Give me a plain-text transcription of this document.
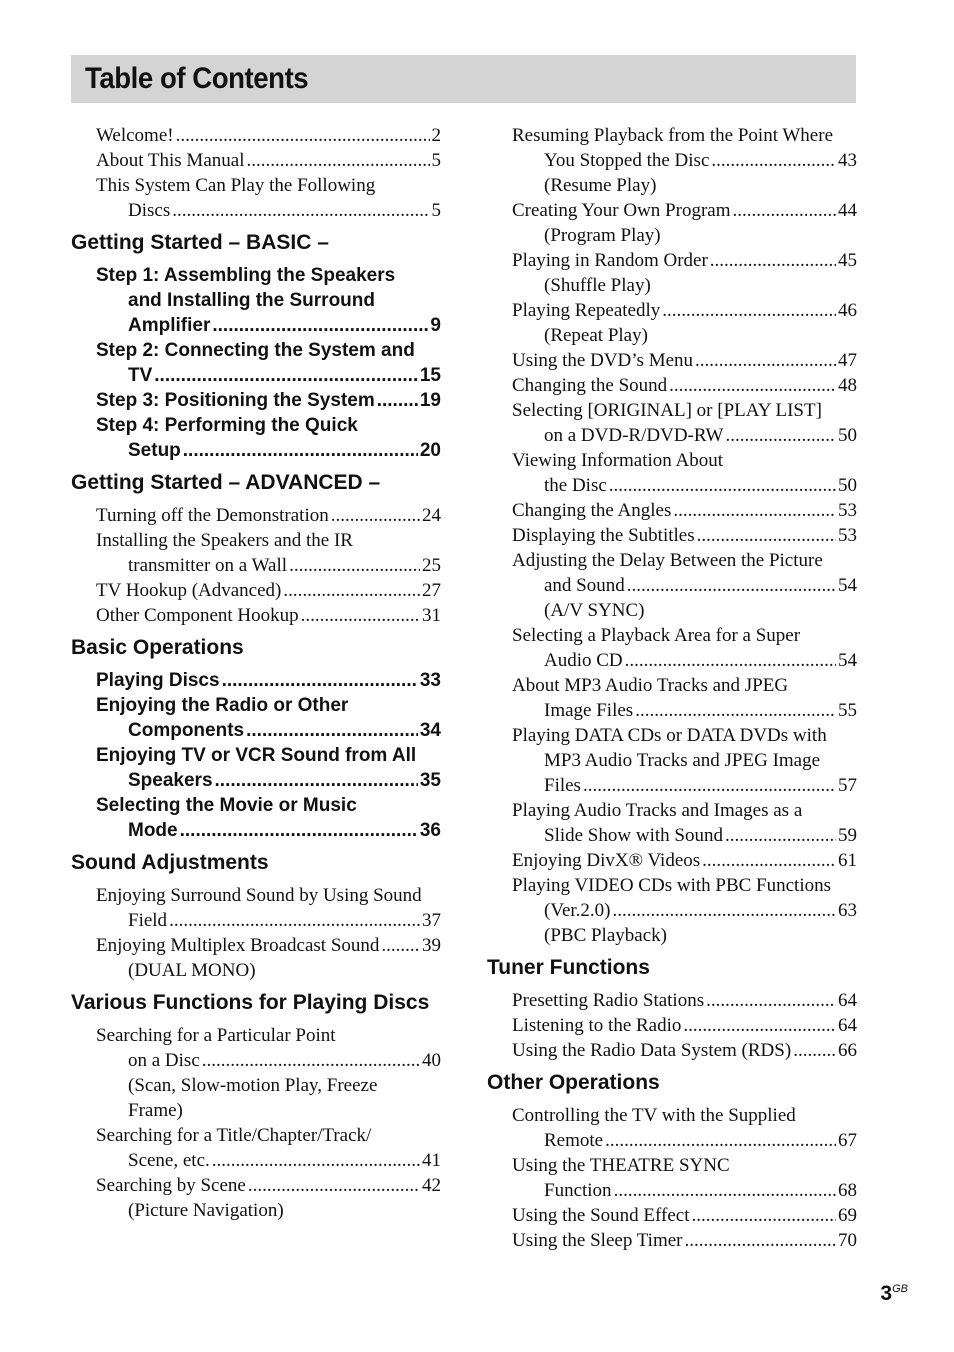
Table of Contents
Welcome! .....	2
About This Manual .....	5
This System Can Play the Following
Discs .....	5
Getting Started – BASIC –
Step 1: Assembling the Speakers
and Installing the Surround
Amplifier .....	9
Step 2: Connecting the System and
TV .....	15
Step 3: Positioning the System ..... 19
Step 4: Performing the Quick
Setup .....	20
Getting Started – ADVANCED –
Turning off the Demonstration .....	24
Installing the Speakers and the IR
transmitter on a Wall .....	25
TV Hookup (Advanced) .....	27
Other Component Hookup .....	31
Basic Operations
Playing Discs .....	33
Enjoying the Radio or Other
Components .....	34
Enjoying TV or VCR Sound from All
Speakers .....	35
Selecting the Movie or Music
Mode .....	36
Sound Adjustments
Enjoying Surround Sound by Using Sound
Field .....	37
Enjoying Multiplex Broadcast Sound ..... 39
(DUAL MONO)
Various Functions for Playing Discs
Searching for a Particular Point
on a Disc .....	40
(Scan, Slow-motion Play, Freeze
Frame)
Searching for a Title/Chapter/Track/
Scene, etc. .....	41
Searching by Scene .....	42
(Picture Navigation)
Resuming Playback from the Point Where
You Stopped the Disc .....	43
(Resume Play)
Creating Your Own Program .....	44
(Program Play)
Playing in Random Order .....	45
(Shuffle Play)
Playing Repeatedly .....	46
(Repeat Play)
Using the DVD’s Menu .....	47
Changing the Sound .....	48
Selecting [ORIGINAL] or [PLAY LIST]
on a DVD-R/DVD-RW .....	50
Viewing Information About
the Disc .....	50
Changing the Angles .....	53
Displaying the Subtitles .....	53
Adjusting the Delay Between the Picture
and Sound .....	54
(A/V SYNC)
Selecting a Playback Area for a Super
Audio CD .....	54
About MP3 Audio Tracks and JPEG
Image Files .....	55
Playing DATA CDs or DATA DVDs with
MP3 Audio Tracks and JPEG Image
Files .....	57
Playing Audio Tracks and Images as a
Slide Show with Sound .....	59
Enjoying DivX® Videos .....	61
Playing VIDEO CDs with PBC Functions
(Ver.2.0) .....	63
(PBC Playback)
Tuner Functions
Presetting Radio Stations .....	64
Listening to the Radio .....	64
Using the Radio Data System (RDS) ..... 66
Other Operations
Controlling the TV with the Supplied
Remote .....	67
Using the THEATRE SYNC
Function .....	68
Using the Sound Effect .....	69
Using the Sleep Timer .....	70
$3^{GB}$
